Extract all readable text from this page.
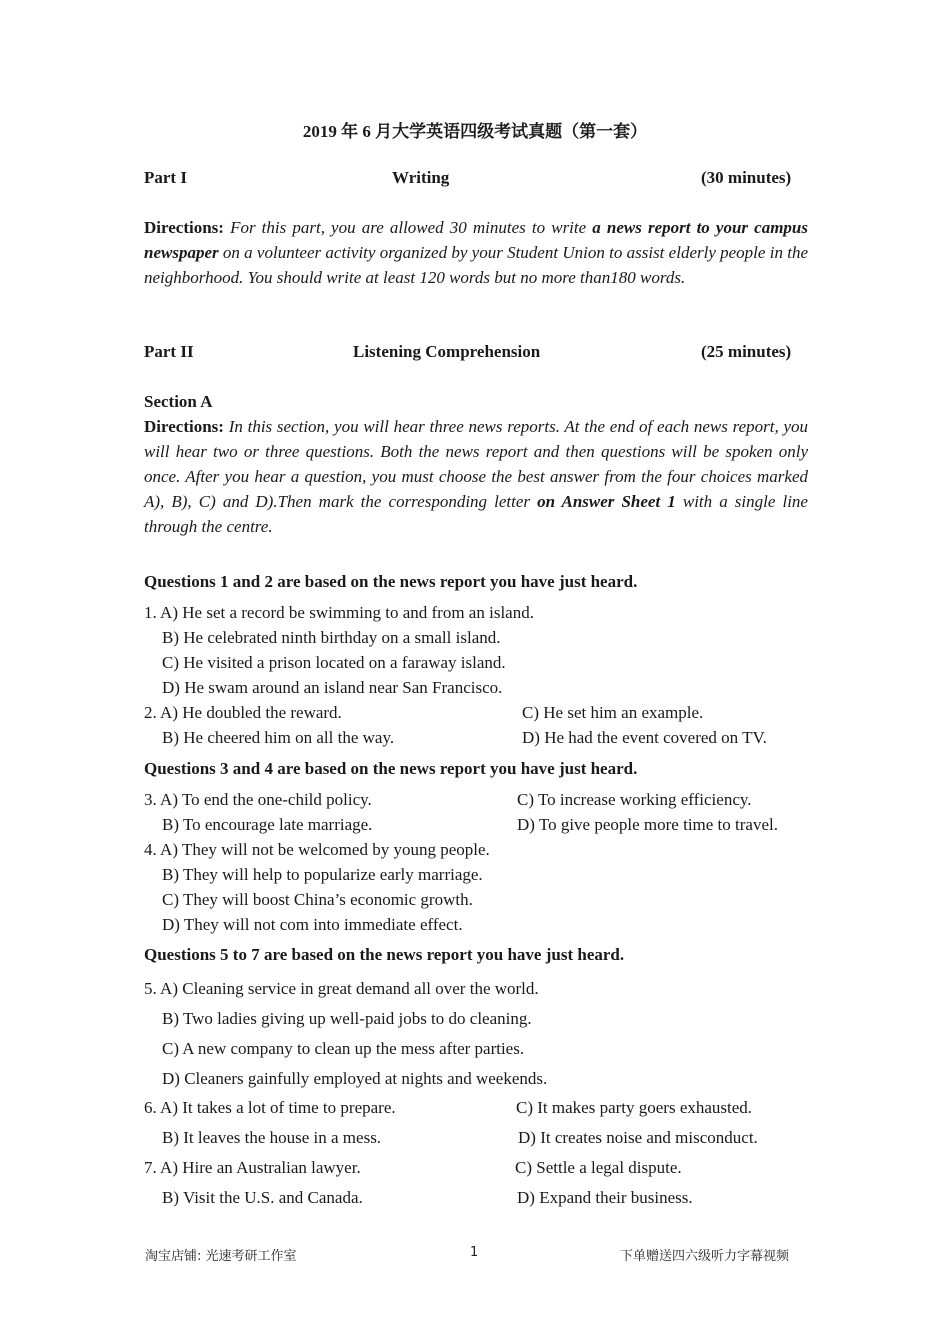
2019 年 6 月大学英语四级考试真题（第一套）
Part I	Writing	(30 minutes)
Directions: For this part, you are allowed 30 minutes to write a news report to your campus newspaper on a volunteer activity organized by your Student Union to assist elderly people in the neighborhood. You should write at least 120 words but no more than180 words.
Part II	Listening Comprehension	(25 minutes)
Section A
Directions: In this section, you will hear three news reports. At the end of each news report, you will hear two or three questions. Both the news report and then questions will be spoken only once. After you hear a question, you must choose the best answer from the four choices marked A), B), C) and D).Then mark the corresponding letter on Answer Sheet 1 with a single line through the centre.
Questions 1 and 2 are based on the news report you have just heard.
1. A) He set a record be swimming to and from an island.
B) He celebrated ninth birthday on a small island.
C) He visited a prison located on a faraway island.
D) He swam around an island near San Francisco.
2. A) He doubled the reward.	C) He set him an example.
B) He cheered him on all the way.	D) He had the event covered on TV.
Questions 3 and 4 are based on the news report you have just heard.
3. A) To end the one-child policy.	C) To increase working efficiency.
B) To encourage late marriage.	D) To give people more time to travel.
4. A) They will not be welcomed by young people.
B) They will help to popularize early marriage.
C) They will boost China’s economic growth.
D) They will not com into immediate effect.
Questions 5 to 7 are based on the news report you have just heard.
5. A) Cleaning service in great demand all over the world.
B) Two ladies giving up well-paid jobs to do cleaning.
C) A new company to clean up the mess after parties.
D) Cleaners gainfully employed at nights and weekends.
6. A) It takes a lot of time to prepare.	C) It makes party goers exhausted.
B) It leaves the house in a mess.	D) It creates noise and misconduct.
7. A) Hire an Australian lawyer.	C) Settle a legal dispute.
B) Visit the U.S. and Canada.	D) Expand their business.
淘宝店铺: 光速考研工作室	1	下单赠送四六级听力字幕视频
